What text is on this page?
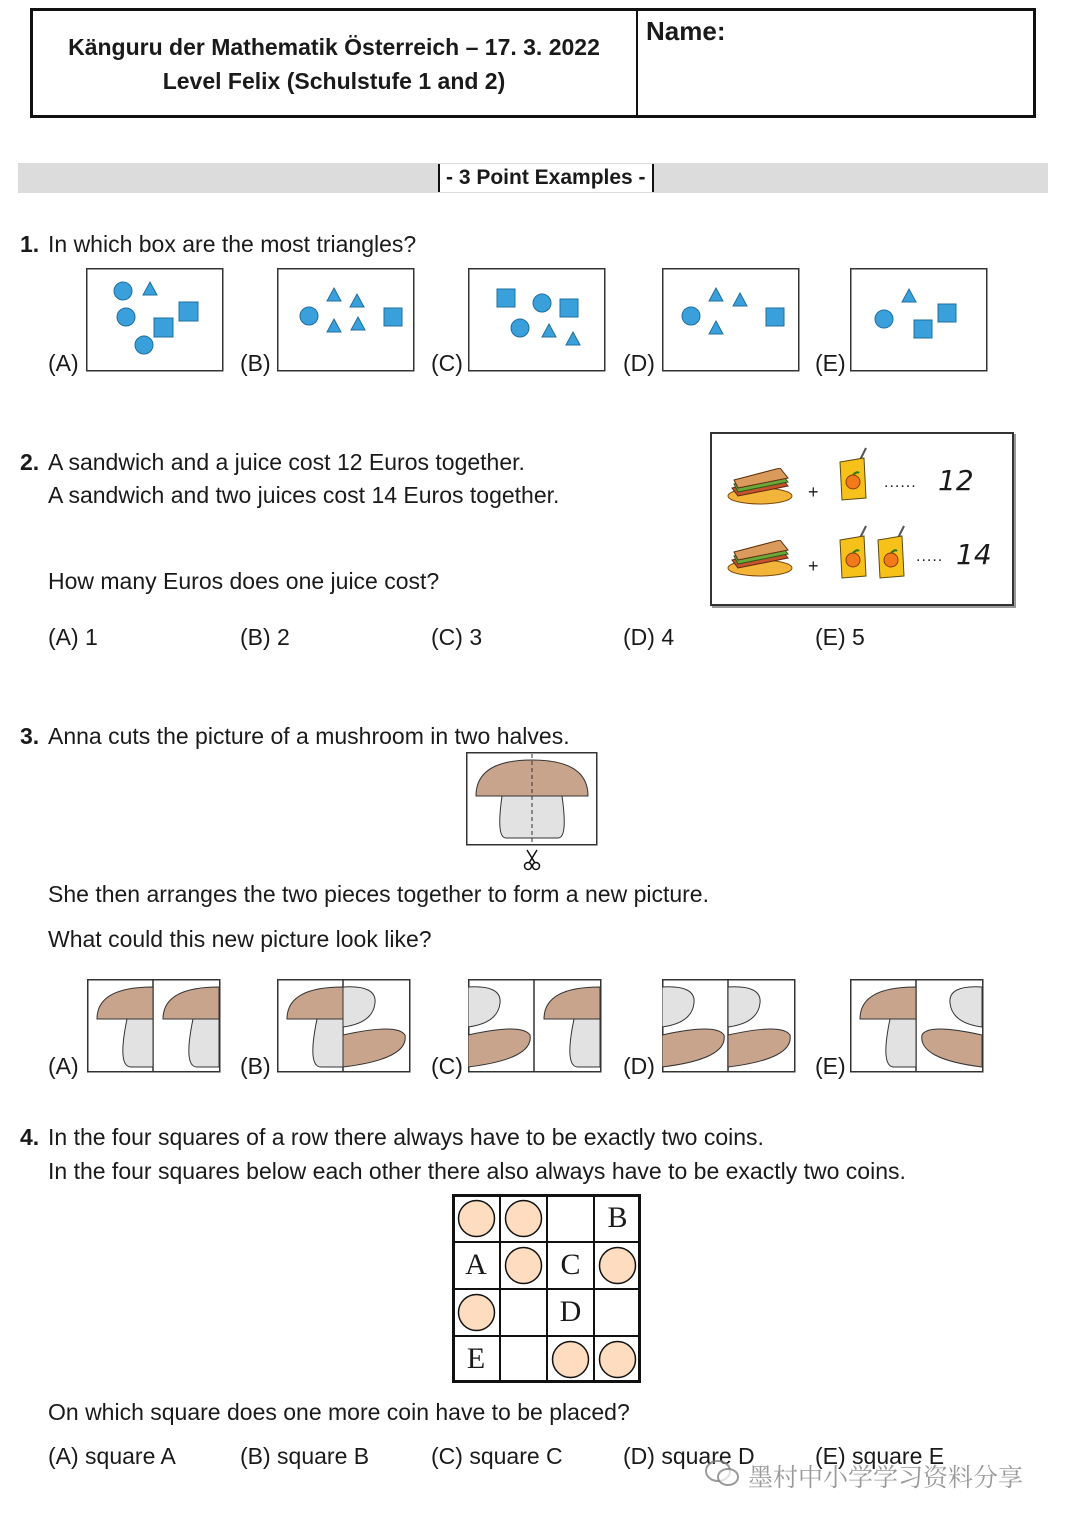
Känguru der Mathematik Österreich – 17. 3. 2022
Level Felix (Schulstufe 1 and 2)
Name:
- 3 Point Examples -
1. In which box are the most triangles?
(A)	(B)	(C)	(D)	(E)
2. A sandwich and a juice cost 12 Euros together.
A sandwich and two juices cost 14 Euros together.
How many Euros does one juice cost?
(A) 1	(B) 2	(C) 3	(D) 4	(E) 5
+	...... 12
+	..... 14
3. Anna cuts the picture of a mushroom in two halves.
She then arranges the two pieces together to form a new picture.
What could this new picture look like?
(A)	(B)	(C)	(D)	(E)
4. In the four squares of a row there always have to be exactly two coins.
In the four squares below each other there also always have to be exactly two coins.
B
A	C
D
E
On which square does one more coin have to be placed?
(A) square A	(B) square B	(C) square C	(D) square D	(E) square E
墨村中小学学习资料分享
